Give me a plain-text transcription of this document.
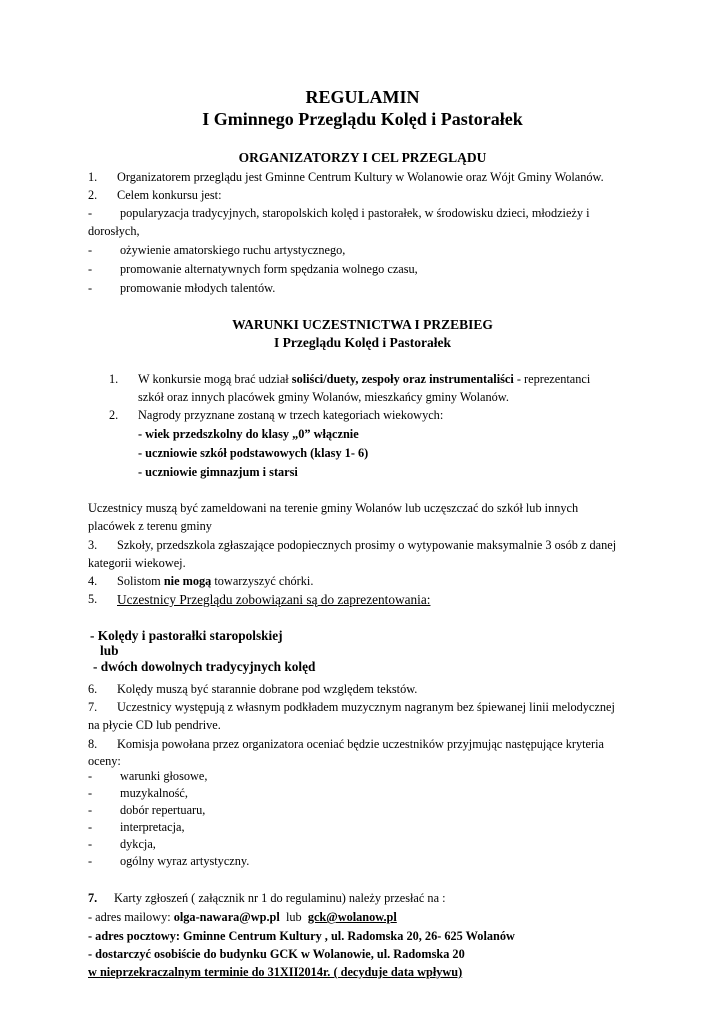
REGULAMIN
I Gminnego Przeglądu Kolęd i Pastorałek
ORGANIZATORZY I CEL PRZEGLĄDU
1. Organizatorem przeglądu jest Gminne Centrum Kultury w Wolanowie oraz Wójt Gminy Wolanów.
2. Celem konkursu jest:
- popularyzacja tradycyjnych, staropolskich kolęd i pastorałek, w środowisku dzieci, młodzieży i
dorosłych,
- ożywienie amatorskiego ruchu artystycznego,
- promowanie alternatywnych form spędzania wolnego czasu,
- promowanie młodych talentów.
WARUNKI UCZESTNICTWA I PRZEBIEG
I Przeglądu Kolęd i Pastorałek
1. W konkursie mogą brać udział soliści/duety, zespoły oraz instrumentaliści - reprezentanci
szkół oraz innych placówek gminy Wolanów, mieszkańcy gminy Wolanów.
2. Nagrody przyznane zostaną w trzech kategoriach wiekowych:
- wiek przedszkolny do klasy „0” włącznie
- uczniowie szkół podstawowych (klasy 1- 6)
- uczniowie gimnazjum i starsi
Uczestnicy muszą być zameldowani na terenie gminy Wolanów lub uczęszczać do szkół lub innych
placówek z terenu gminy
3. Szkoły, przedszkola zgłaszające podopiecznych prosimy o wytypowanie maksymalnie 3 osób z danej
kategorii wiekowej.
4. Solistom nie mogą towarzyszyć chórki.
5. Uczestnicy Przeglądu zobowiązani są do zaprezentowania:
- Kolędy i pastorałki staropolskiej
lub
- dwóch dowolnych tradycyjnych kolęd
6. Kolędy muszą być starannie dobrane pod względem tekstów.
7. Uczestnicy występują z własnym podkładem muzycznym nagranym bez śpiewanej linii melodycznej
na płycie CD lub pendrive.
8. Komisja powołana przez organizatora oceniać będzie uczestników przyjmując następujące kryteria
oceny:
- warunki głosowe,
- muzykalność,
- dobór repertuaru,
- interpretacja,
- dykcja,
- ogólny wyraz artystyczny.
7. Karty zgłoszeń ( załącznik nr 1 do regulaminu) należy przesłać na :
- adres mailowy: olga-nawara@wp.pl  lub  gck@wolanow.pl
- adres pocztowy: Gminne Centrum Kultury , ul. Radomska 20, 26- 625 Wolanów
- dostarczyć osobiście do budynku GCK w Wolanowie, ul. Radomska 20
w nieprzekraczalnym terminie do 31XII2014r. ( decyduje data wpływu)
